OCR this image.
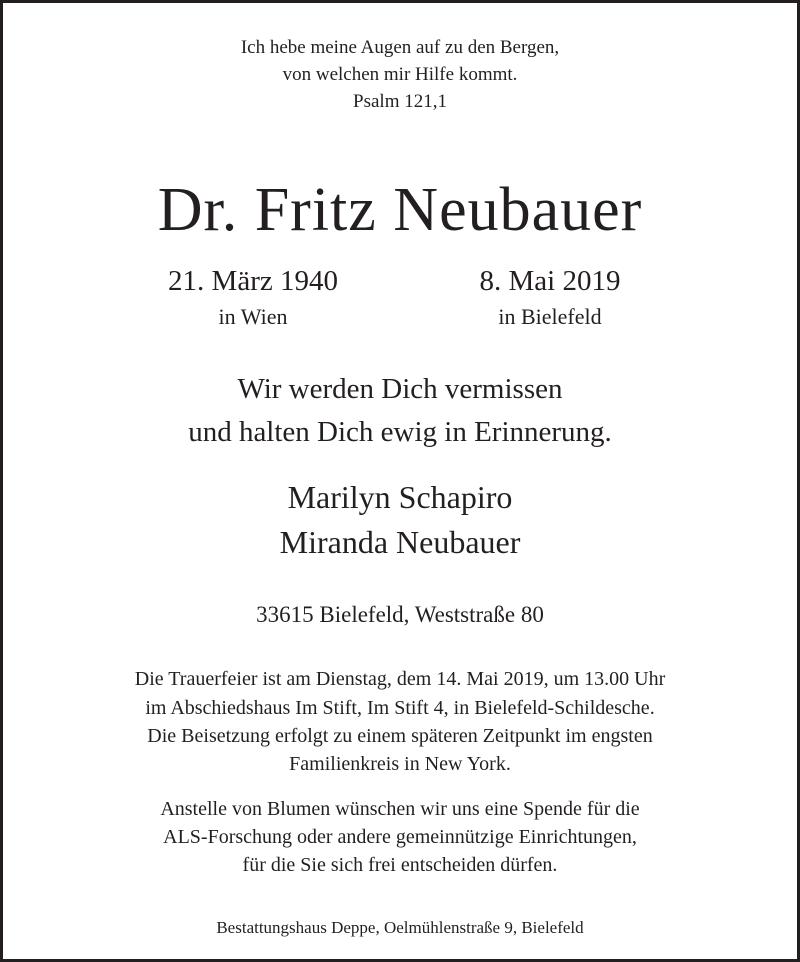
Ich hebe meine Augen auf zu den Bergen,
von welchen mir Hilfe kommt.
Psalm 121,1
Dr. Fritz Neubauer
21. März 1940
in Wien
8. Mai 2019
in Bielefeld
Wir werden Dich vermissen
und halten Dich ewig in Erinnerung.
Marilyn Schapiro
Miranda Neubauer
33615 Bielefeld, Weststraße 80
Die Trauerfeier ist am Dienstag, dem 14. Mai 2019, um 13.00 Uhr
im Abschiedshaus Im Stift, Im Stift 4, in Bielefeld-Schildesche.
Die Beisetzung erfolgt zu einem späteren Zeitpunkt im engsten
Familienkreis in New York.
Anstelle von Blumen wünschen wir uns eine Spende für die
ALS-Forschung oder andere gemeinnützige Einrichtungen,
für die Sie sich frei entscheiden dürfen.
Bestattungshaus Deppe, Oelmühlenstraße 9, Bielefeld
